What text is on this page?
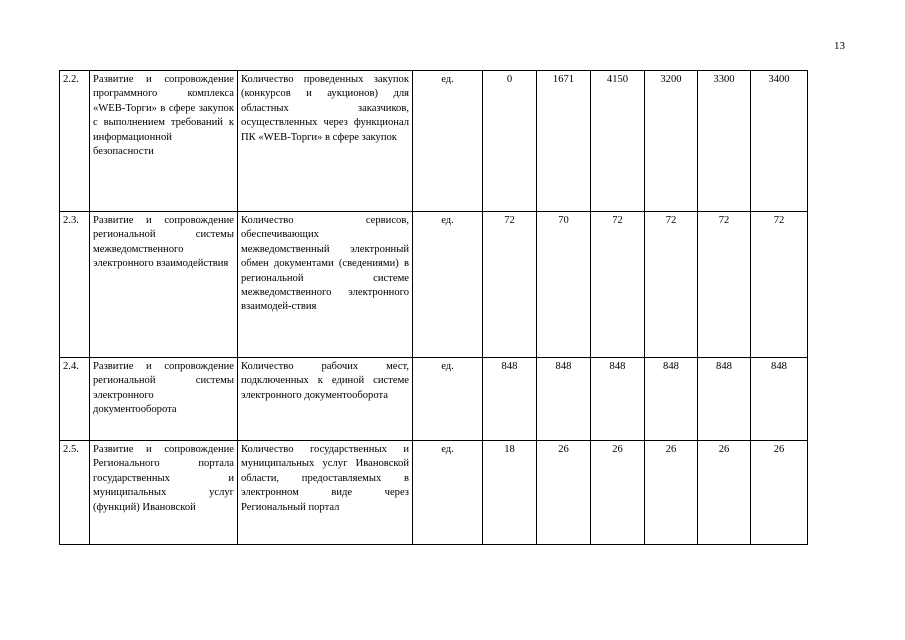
13
2.2.	Развитие и сопровождение программного комплекса «WEB-Торги» в сфере закупок с выполнением требований к информационной безопасности	Количество проведенных закупок (конкурсов и аукционов) для областных заказчиков, осуществленных через функционал ПК «WEB-Торги» в сфере закупок	ед.	0	1671	4150	3200	3300	3400
2.3.	Развитие и сопровождение региональной системы межведомственного электронного взаимодействия	Количество сервисов, обеспечивающих межведомственный электронный обмен документами (сведениями) в региональной системе межведомственного электронного взаимодей-ствия	ед.	72	70	72	72	72	72
2.4.	Развитие и сопровождение региональной системы электронного документооборота	Количество рабочих мест, подключенных к единой системе электронного документооборота	ед.	848	848	848	848	848	848
2.5.	Развитие и сопровождение Регионального портала государственных и муниципальных услуг (функций) Ивановской	Количество государственных и муниципальных услуг Ивановской области, предоставляемых в электронном виде через Региональный портал	ед.	18	26	26	26	26	26
